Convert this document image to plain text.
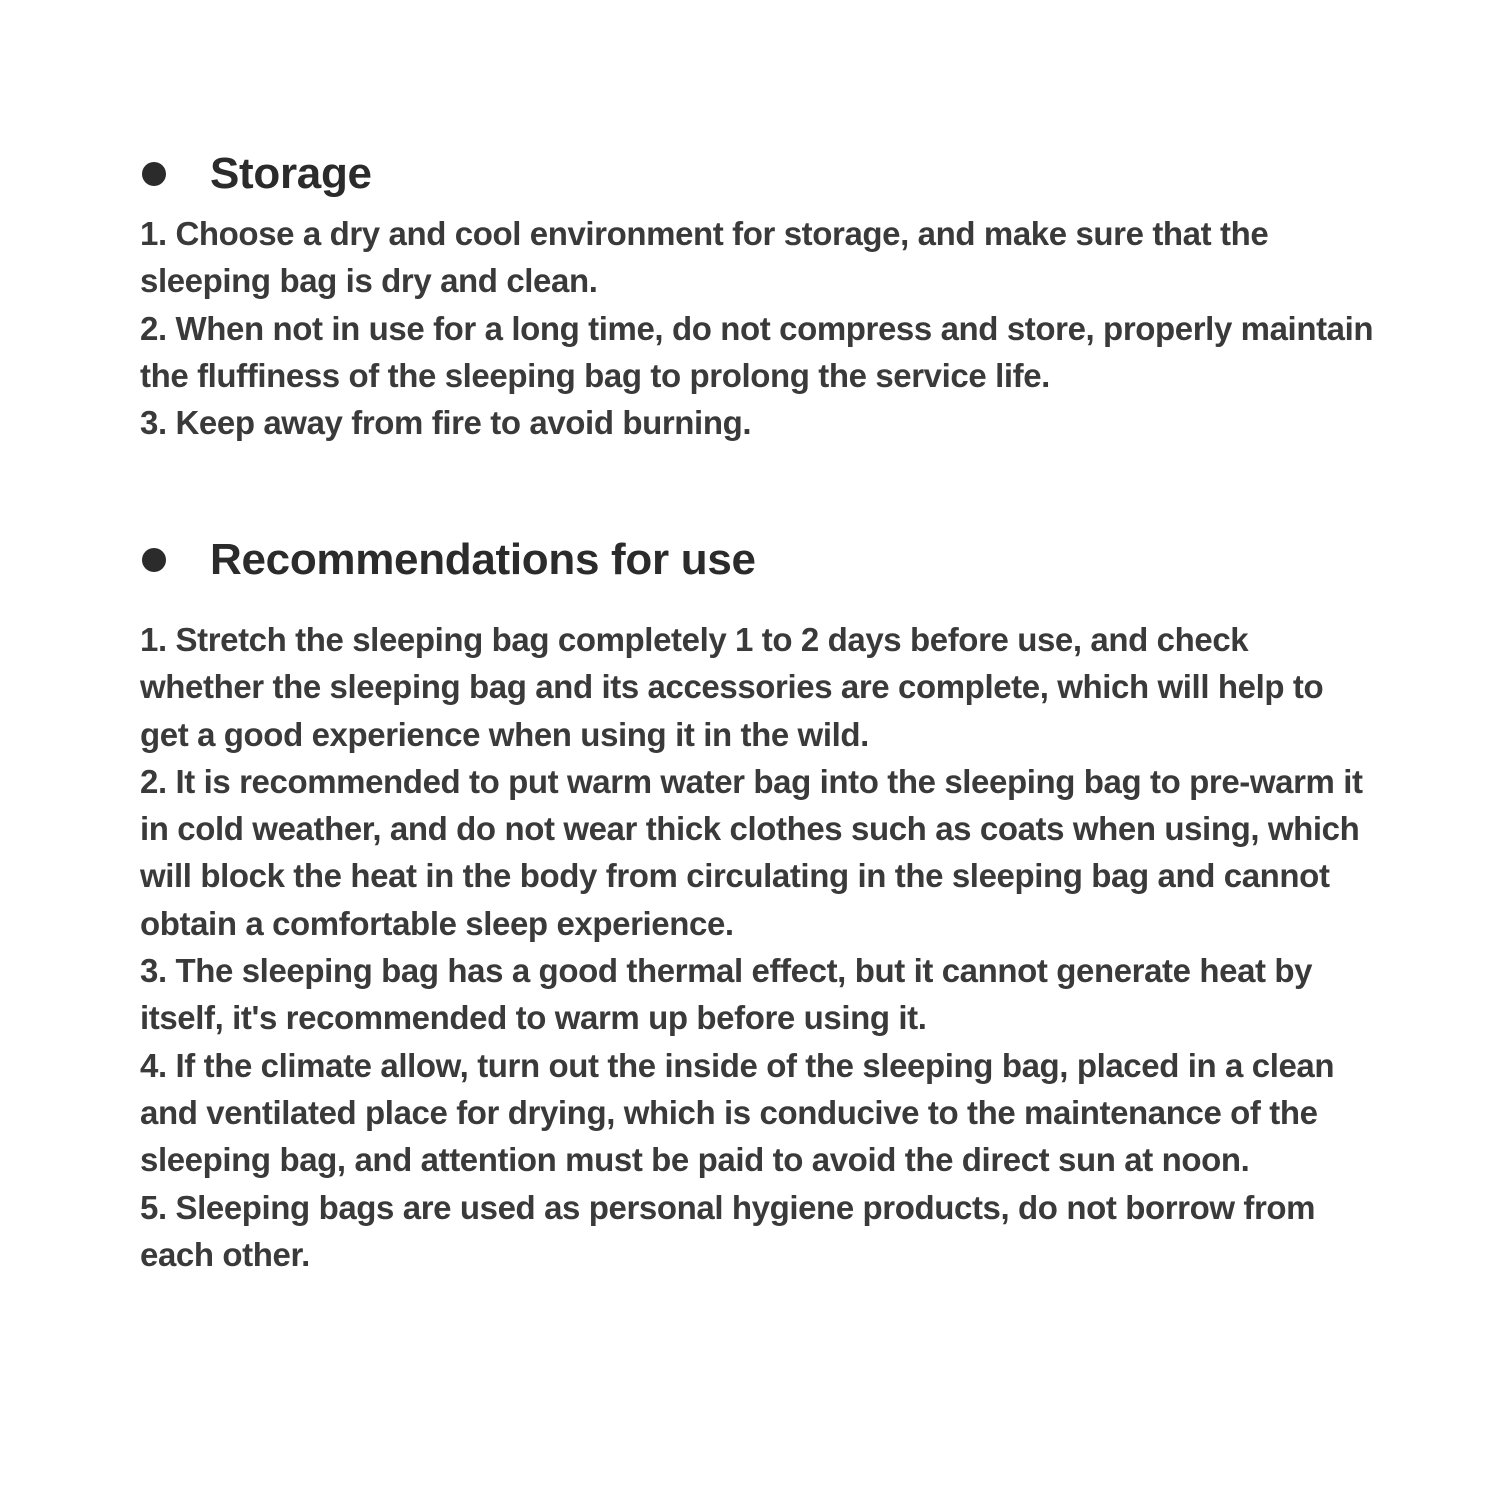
Storage
1. Choose a dry and cool environment for storage, and make sure that the sleeping bag is dry and clean.
2. When not in use for a long time, do not compress and store, properly maintain the fluffiness of the sleeping bag to prolong the service life.
3. Keep away from fire to avoid burning.
Recommendations for use
1. Stretch the sleeping bag completely 1 to 2 days before use, and check whether the sleeping bag and its accessories are complete, which will help to get a good experience when using it in the wild.
2. It is recommended to put warm water bag into the sleeping bag to pre-warm it in cold weather, and do not wear thick clothes such as coats when using, which will block the heat in the body from circulating in the sleeping bag and cannot obtain a comfortable sleep experience.
3. The sleeping bag has a good thermal effect, but it cannot generate heat by itself, it's recommended to warm up before using it.
4. If the climate allow, turn out the inside of the sleeping bag, placed in a clean and ventilated place for drying, which is conducive to the maintenance of the sleeping bag, and attention must be paid to avoid the direct sun at noon.
5. Sleeping bags are used as personal hygiene products, do not borrow from each other.
